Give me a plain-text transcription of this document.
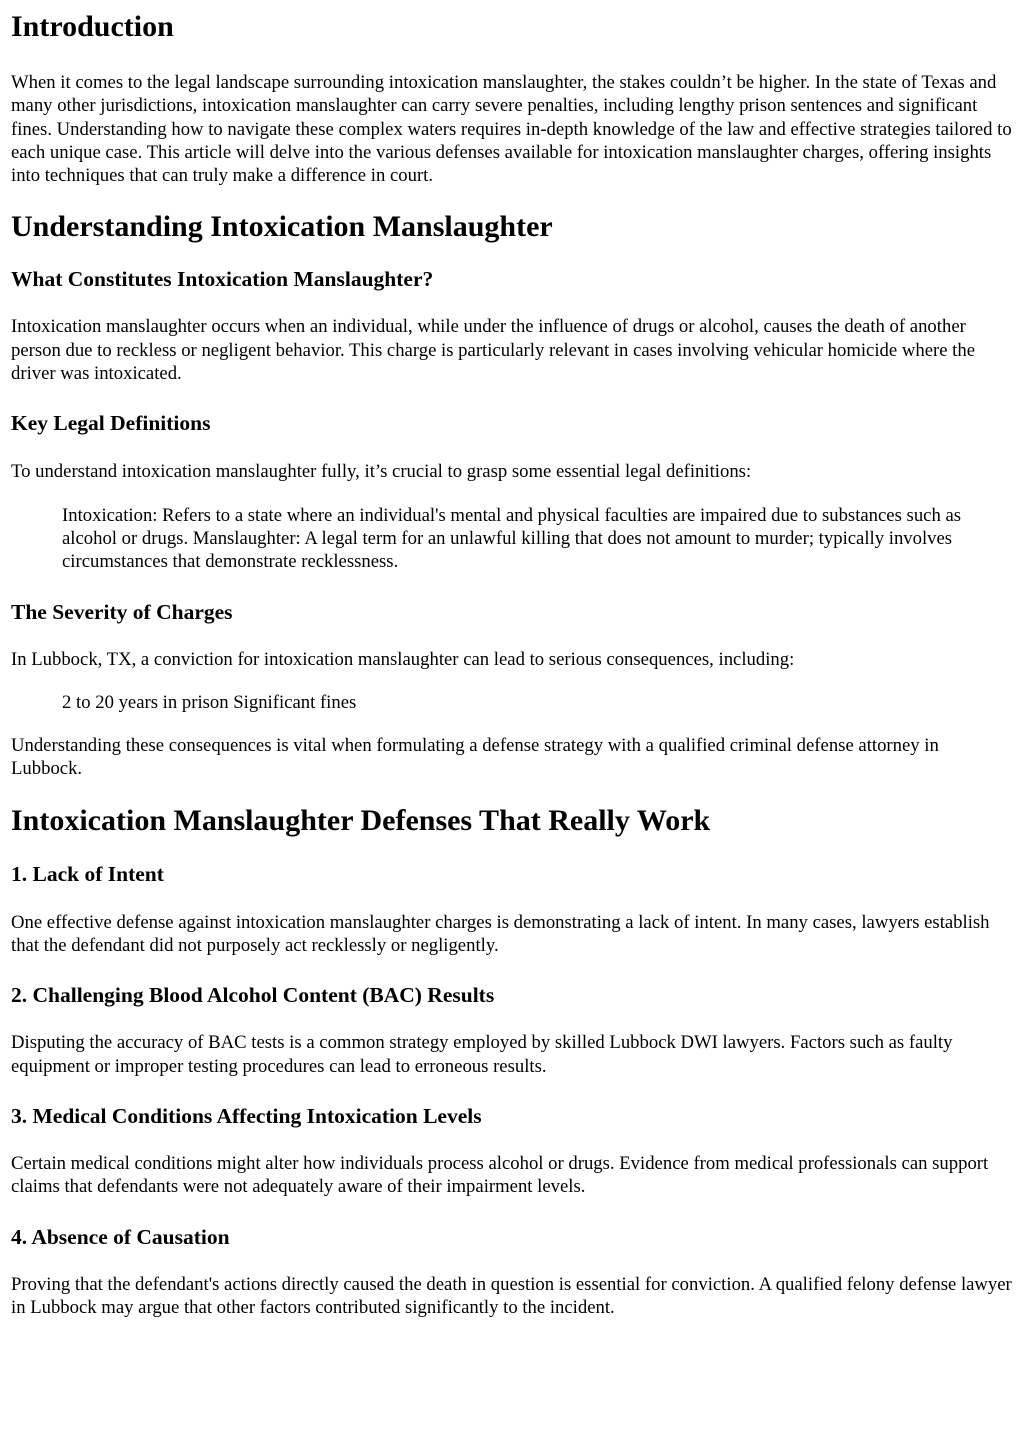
Introduction

When it comes to the legal landscape surrounding intoxication manslaughter, the stakes couldn’t be higher. In the state of Texas and many other jurisdictions, intoxication manslaughter can carry severe penalties, including lengthy prison sentences and significant fines. Understanding how to navigate these complex waters requires in-depth knowledge of the law and effective strategies tailored to each unique case. This article will delve into the various defenses available for intoxication manslaughter charges, offering insights into techniques that can truly make a difference in court.

Understanding Intoxication Manslaughter
What Constitutes Intoxication Manslaughter?

Intoxication manslaughter occurs when an individual, while under the influence of drugs or alcohol, causes the death of another person due to reckless or negligent behavior. This charge is particularly relevant in cases involving vehicular homicide where the driver was intoxicated.

Key Legal Definitions

To understand intoxication manslaughter fully, it’s crucial to grasp some essential legal definitions:

Intoxication: Refers to a state where an individual's mental and physical faculties are impaired due to substances such as alcohol or drugs. Manslaughter: A legal term for an unlawful killing that does not amount to murder; typically involves circumstances that demonstrate recklessness.
The Severity of Charges

In Lubbock, TX, a conviction for intoxication manslaughter can lead to serious consequences, including:

2 to 20 years in prison Significant fines

Understanding these consequences is vital when formulating a defense strategy with a qualified criminal defense attorney in Lubbock.

Intoxication Manslaughter Defenses That Really Work
1. Lack of Intent

One effective defense against intoxication manslaughter charges is demonstrating a lack of intent. In many cases, lawyers establish that the defendant did not purposely act recklessly or negligently.

2. Challenging Blood Alcohol Content (BAC) Results

Disputing the accuracy of BAC tests is a common strategy employed by skilled Lubbock DWI lawyers. Factors such as faulty equipment or improper testing procedures can lead to erroneous results.

3. Medical Conditions Affecting Intoxication Levels

Certain medical conditions might alter how individuals process alcohol or drugs. Evidence from medical professionals can support claims that defendants were not adequately aware of their impairment levels.

4. Absence of Causation

Proving that the defendant's actions directly caused the death in question is essential for conviction. A qualified felony defense lawyer in Lubbock may argue that other factors contributed significantly to the incident.
